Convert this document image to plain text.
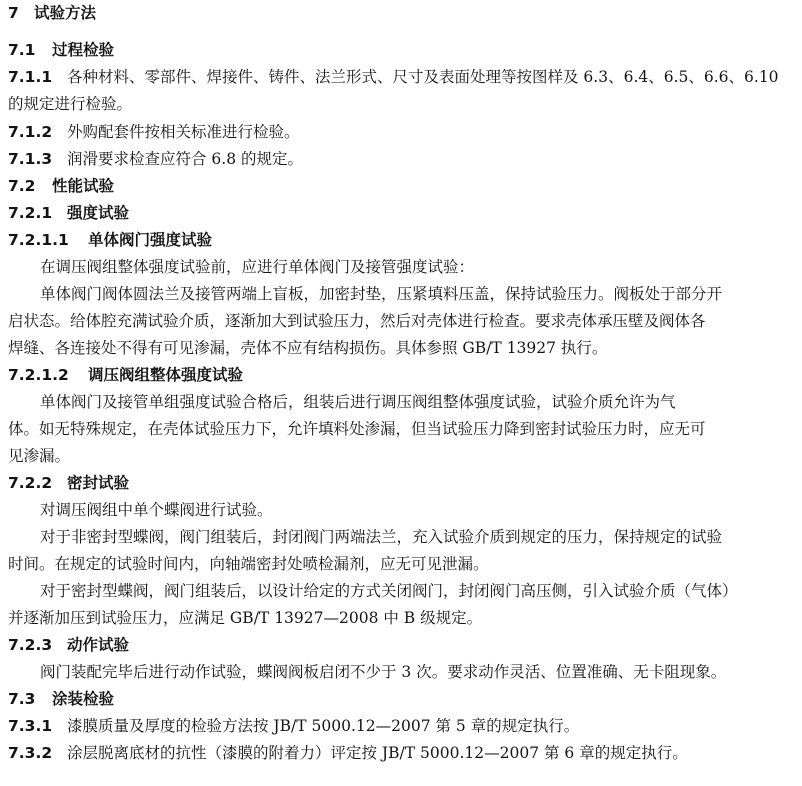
7 试验方法
7.1 过程检验
7.1.1 各种材料、零部件、焊接件、铸件、法兰形式、尺寸及表面处理等按图样及 6.3、6.4、6.5、6.6、6.10
的规定进行检验。
7.1.2 外购配套件按相关标准进行检验。
7.1.3 润滑要求检查应符合 6.8 的规定。
7.2 性能试验
7.2.1 强度试验
7.2.1.1 单体阀门强度试验
在调压阀组整体强度试验前，应进行单体阀门及接管强度试验：
单体阀门阀体圆法兰及接管两端上盲板，加密封垫，压紧填料压盖，保持试验压力。阀板处于部分开
启状态。给体腔充满试验介质，逐渐加大到试验压力，然后对壳体进行检查。要求壳体承压壁及阀体各
焊缝、各连接处不得有可见渗漏，壳体不应有结构损伤。具体参照 GB/T 13927 执行。
7.2.1.2 调压阀组整体强度试验
单体阀门及接管单组强度试验合格后，组装后进行调压阀组整体强度试验，试验介质允许为气
体。如无特殊规定，在壳体试验压力下，允许填料处渗漏，但当试验压力降到密封试验压力时，应无可
见渗漏。
7.2.2 密封试验
对调压阀组中单个蝶阀进行试验。
对于非密封型蝶阀，阀门组装后，封闭阀门两端法兰，充入试验介质到规定的压力，保持规定的试验
时间。在规定的试验时间内，向轴端密封处喷检漏剂，应无可见泄漏。
对于密封型蝶阀，阀门组装后，以设计给定的方式关闭阀门，封闭阀门高压侧，引入试验介质（气体）
并逐渐加压到试验压力，应满足 GB/T 13927—2008 中 B 级规定。
7.2.3 动作试验
阀门装配完毕后进行动作试验，蝶阀阀板启闭不少于 3 次。要求动作灵活、位置准确、无卡阻现象。
7.3 涂装检验
7.3.1 漆膜质量及厚度的检验方法按 JB/T 5000.12—2007 第 5 章的规定执行。
7.3.2 涂层脱离底材的抗性（漆膜的附着力）评定按 JB/T 5000.12—2007 第 6 章的规定执行。
